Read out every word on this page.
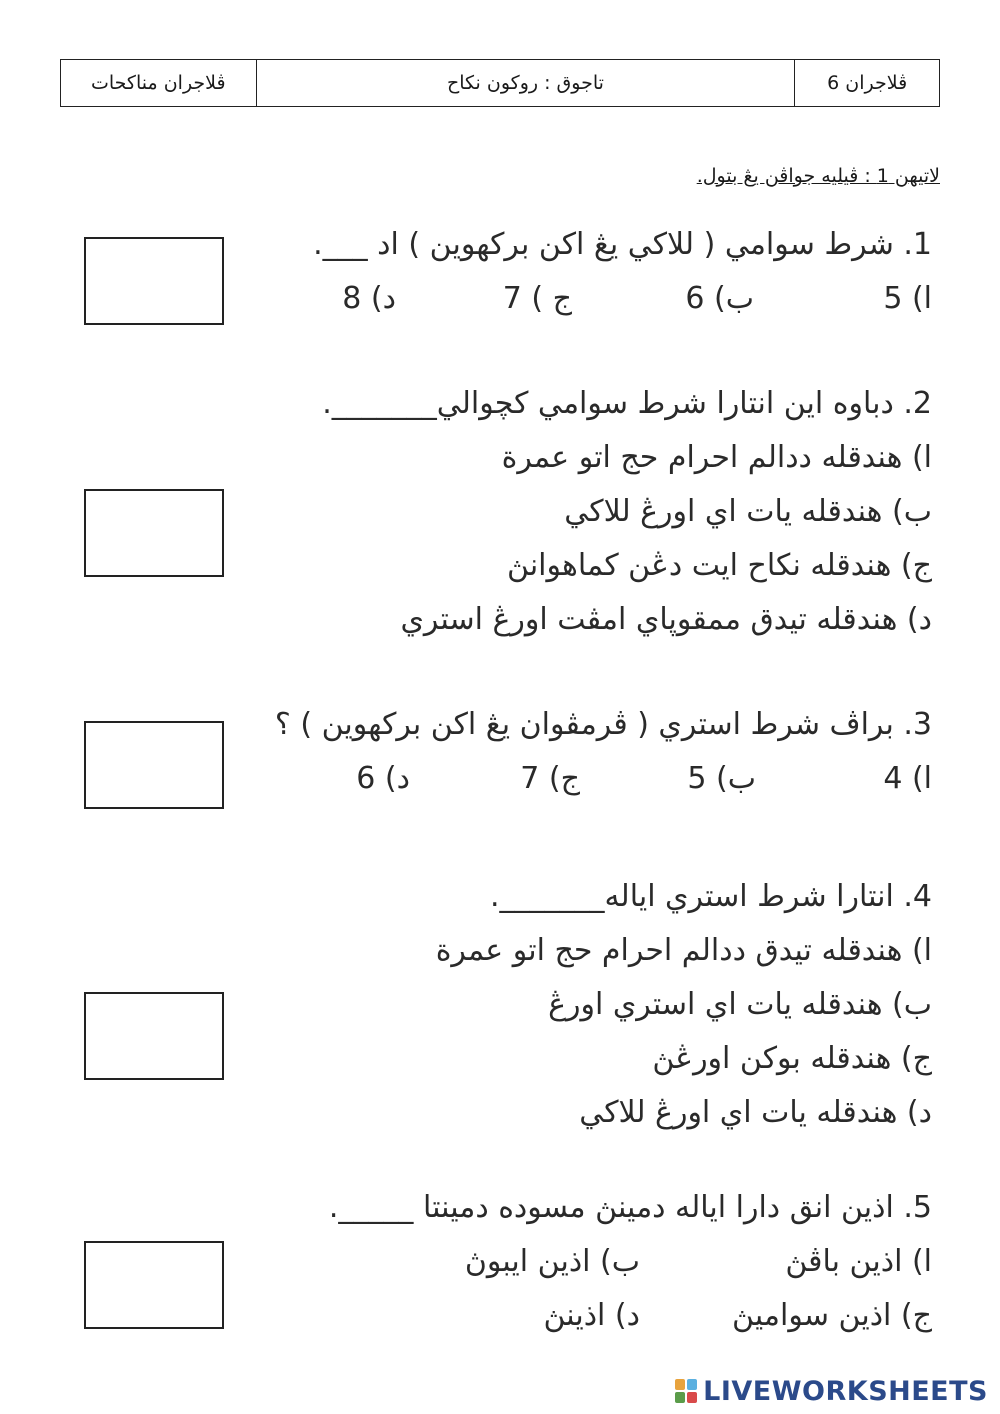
ڤلاجران مناكحات	تاجوق : روكون نكاح	ڤلاجران 6
لاتيهن 1 : ڤيليه جواڤن يڠ بتول.
1. شرط سوامي ( للاكي يڠ اكن بركهوين ) اد ___.
ا) 5
ب) 6
ج ) 7
د) 8
2. دباوه اين انتارا شرط سوامي كچوالي_______.
ا) هندقله ددالم احرام حج اتو عمرة
ب) هندقله يات اي اورڠ للاكي
ج) هندقله نكاح ايت دڠن كماهوانڽ
د) هندقله تيدق ممقوڽاي امڤت اورڠ استري
3. براڤ شرط استري ( ڤرمڤوان يڠ اكن بركهوين ) ؟
ا) 4
ب) 5
ج) 7
د) 6
4. انتارا شرط استري اياله_______.
ا) هندقله تيدق ددالم احرام حج اتو عمرة
ب) هندقله يات اي استري اورڠ
ج) هندقله بوكن اورڠڽ
د) هندقله يات اي اورڠ للاكي
5. اذين انق دارا اياله دمينڽ مسوده دمينتا _____.
ا) اذين باڤڽ
ب) اذين ايبوڽ
ج) اذين سواميڽ
د) اذينڽ
LIVEWORKSHEETS
